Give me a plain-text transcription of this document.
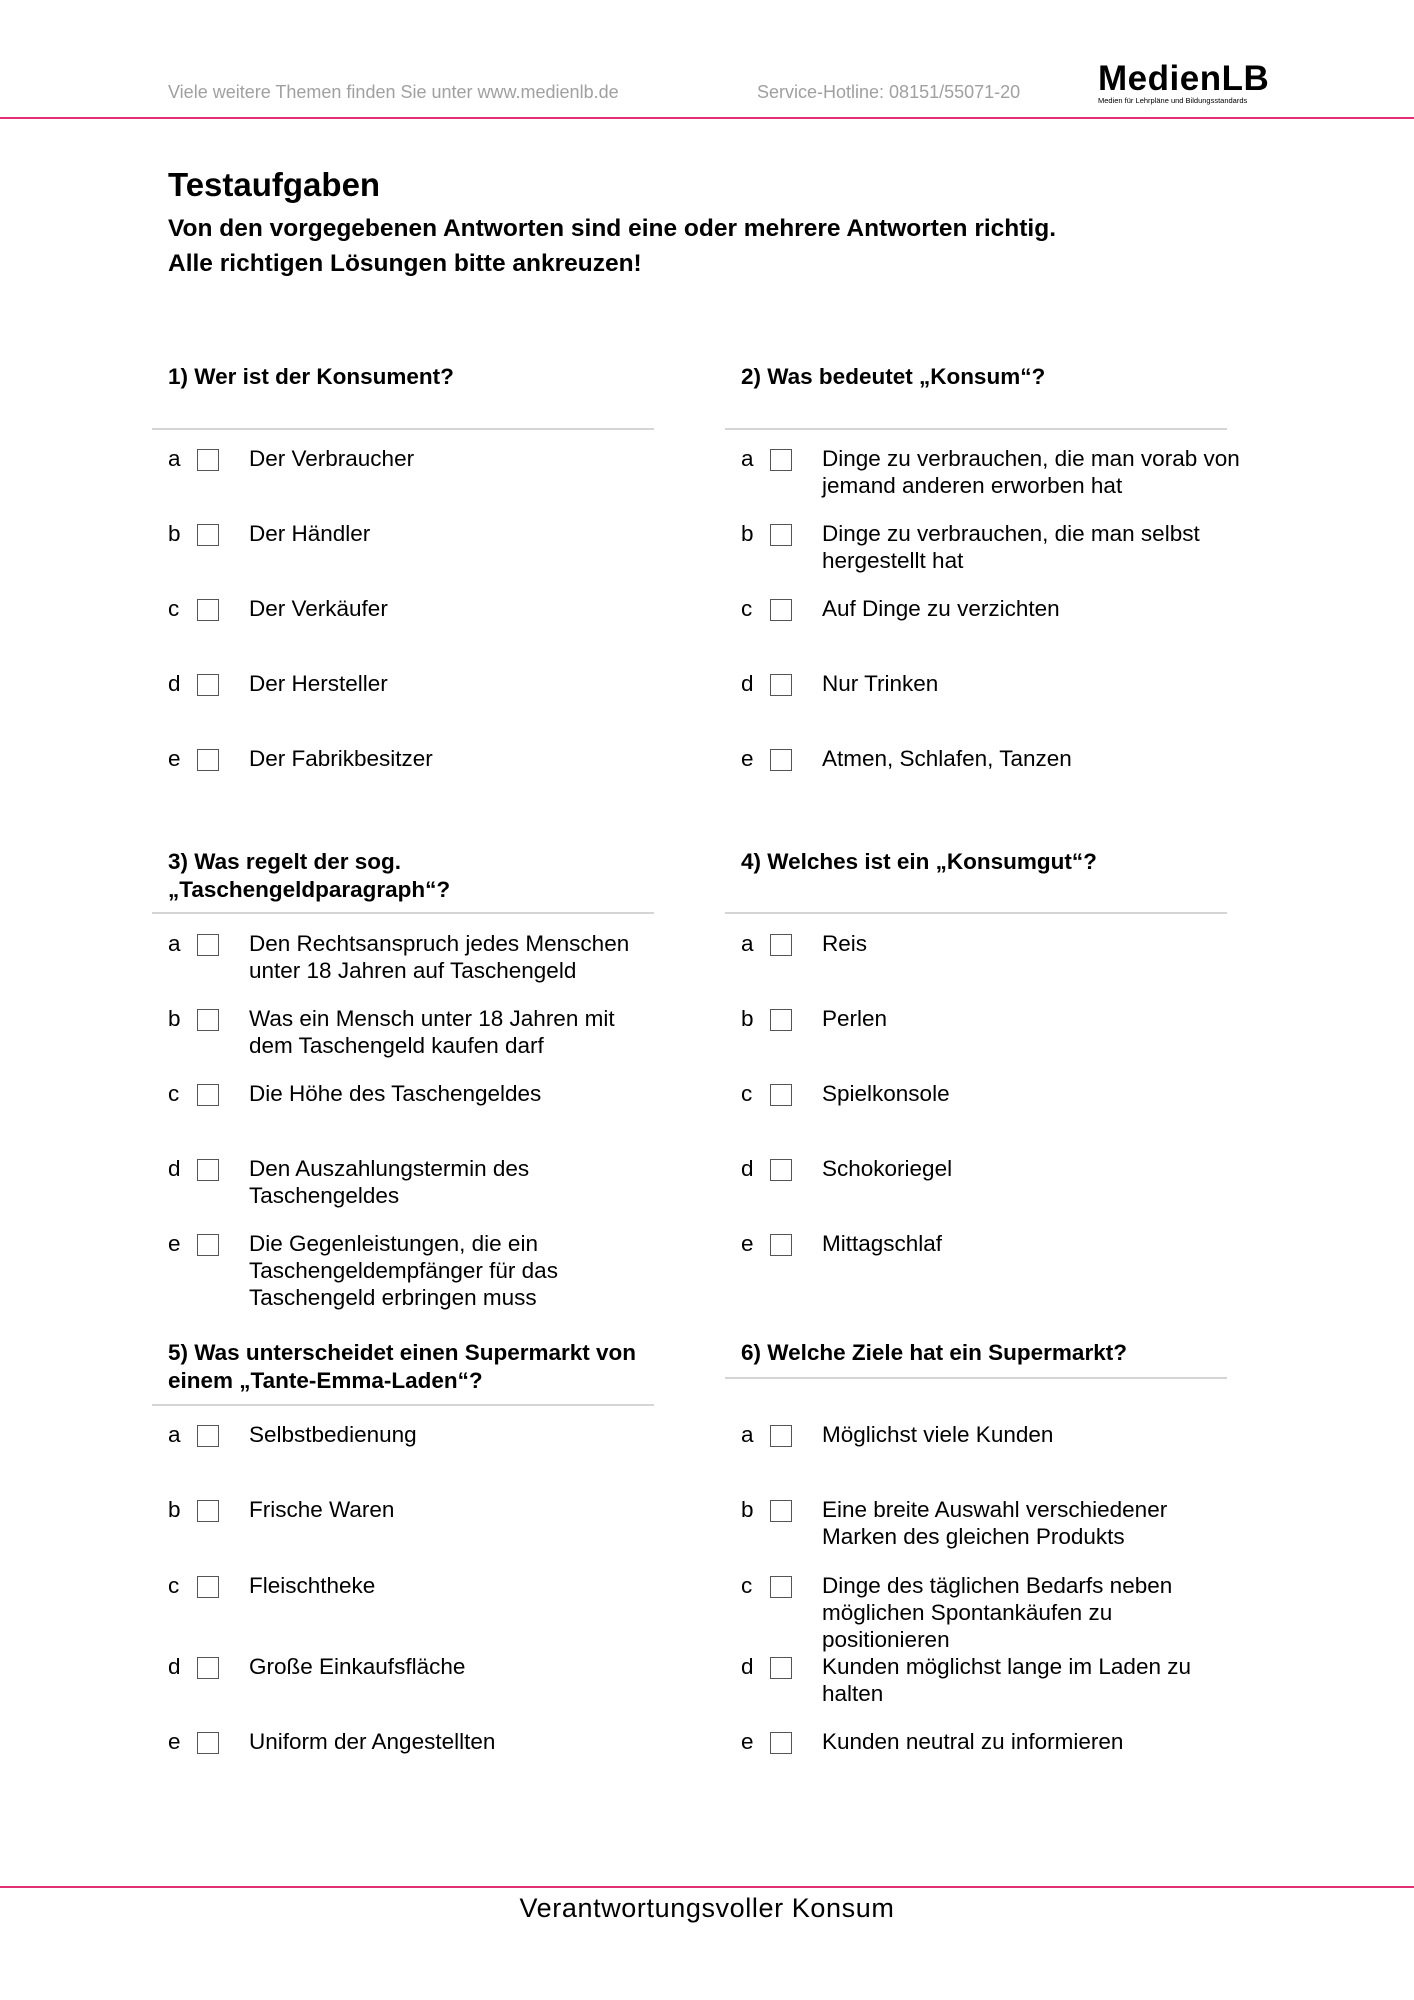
Viele weitere Themen finden Sie unter www.medienlb.de	Service-Hotline: 08151/55071-20 MedienLB
Medien für Lehrpläne und Bildungsstandards
Testaufgaben
Von den vorgegebenen Antworten sind eine oder mehrere Antworten richtig.
Alle richtigen Lösungen bitte ankreuzen!
1) Wer ist der Konsument?
a	Der Verbraucher
b	Der Händler
c	Der Verkäufer
d	Der Hersteller
e	Der Fabrikbesitzer
2) Was bedeutet „Konsum“?
a	Dinge zu verbrauchen, die man vorab von jemand anderen erworben hat
b	Dinge zu verbrauchen, die man selbst hergestellt hat
c	Auf Dinge zu verzichten
d	Nur Trinken
e	Atmen, Schlafen, Tanzen
3) Was regelt der sog. „Taschengeldparagraph“?
a	Den Rechtsanspruch jedes Menschen unter 18 Jahren auf Taschengeld
b	Was ein Mensch unter 18 Jahren mit dem Taschengeld kaufen darf
c	Die Höhe des Taschengeldes
d	Den Auszahlungstermin des Taschengeldes
e	Die Gegenleistungen, die ein Taschengeldempfänger für das Taschengeld erbringen muss
4) Welches ist ein „Konsumgut“?
a	Reis
b	Perlen
c	Spielkonsole
d	Schokoriegel
e	Mittagschlaf
5) Was unterscheidet einen Supermarkt von einem „Tante-Emma-Laden“?
a	Selbstbedienung
b	Frische Waren
c	Fleischtheke
d	Große Einkaufsfläche
e	Uniform der Angestellten
6) Welche Ziele hat ein Supermarkt?
a	Möglichst viele Kunden
b	Eine breite Auswahl verschiedener Marken des gleichen Produkts
c	Dinge des täglichen Bedarfs neben möglichen Spontankäufen zu positionieren
d	Kunden möglichst lange im Laden zu halten
e	Kunden neutral zu informieren
Verantwortungsvoller Konsum
